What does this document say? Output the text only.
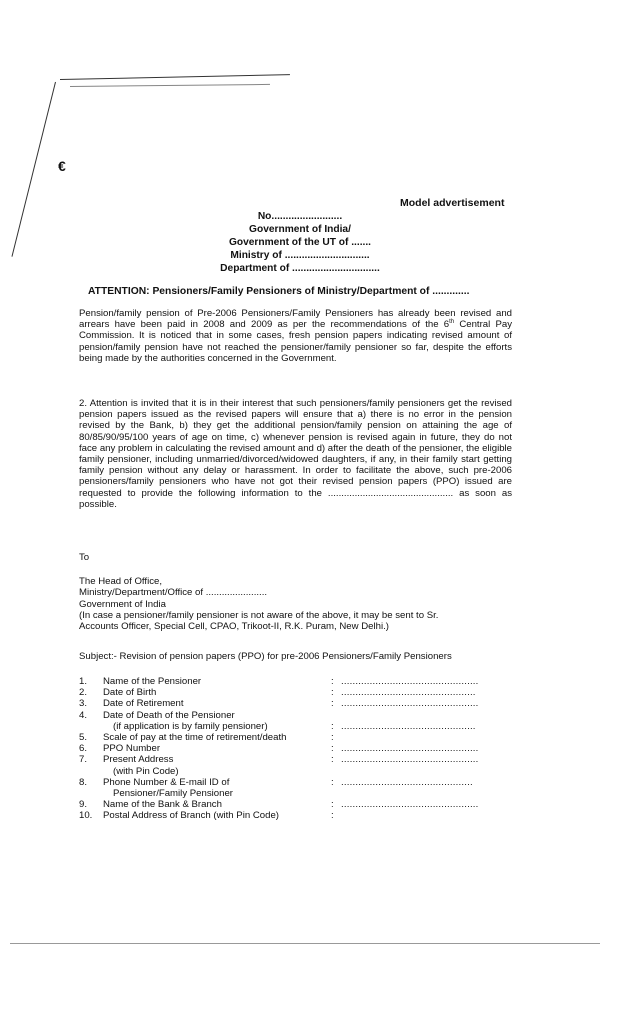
€
Model advertisement
No.........................
Government of India/
Government of the UT of .......
Ministry of ..............................
Department of ...............................
ATTENTION: Pensioners/Family Pensioners of Ministry/Department of .............
Pension/family pension of Pre-2006 Pensioners/Family Pensioners has already been revised and arrears have been paid in 2008 and 2009 as per the recommendations of the 6th Central Pay Commission. It is noticed that in some cases, fresh pension papers indicating revised amount of pension/family pension have not reached the pensioner/family pensioner so far, despite the efforts being made by the authorities concerned in the Government.
2. Attention is invited that it is in their interest that such pensioners/family pensioners get the revised pension papers issued as the revised papers will ensure that a) there is no error in the pension revised by the Bank, b) they get the additional pension/family pension on attaining the age of 80/85/90/95/100 years of age on time, c) whenever pension is revised again in future, they do not face any problem in calculating the revised amount and d) after the death of the pensioner, the eligible family pensioner, including unmarried/divorced/widowed daughters, if any, in their family start getting family pension without any delay or harassment. In order to facilitate the above, such pre-2006 pensioners/family pensioners who have not got their revised pension papers (PPO) issued are requested to provide the following information to the ............................................... as soon as possible.
To
The Head of Office,
Ministry/Department/Office of .......................
Government of India
(In case a pensioner/family pensioner is not aware of the above, it may be sent to Sr.
Accounts Officer, Special Cell, CPAO, Trikoot-II, R.K. Puram, New Delhi.)
Subject:- Revision of pension papers (PPO) for pre-2006 Pensioners/Family Pensioners
1.	Name of the Pensioner	: ................................................
2.	Date of Birth	: ...............................................
3.	Date of Retirement	: ................................................
4.	Date of Death of the Pensioner
(if application is by family pensioner)	: ...............................................
5.	Scale of pay at the time of retirement/death	:
6.	PPO Number	: ................................................
7.	Present Address	: ................................................
(with Pin Code)
8.	Phone Number & E-mail ID of	: ..............................................
Pensioner/Family Pensioner
9.	Name of the Bank & Branch	: ................................................
10.	Postal Address of Branch (with Pin Code)	:
